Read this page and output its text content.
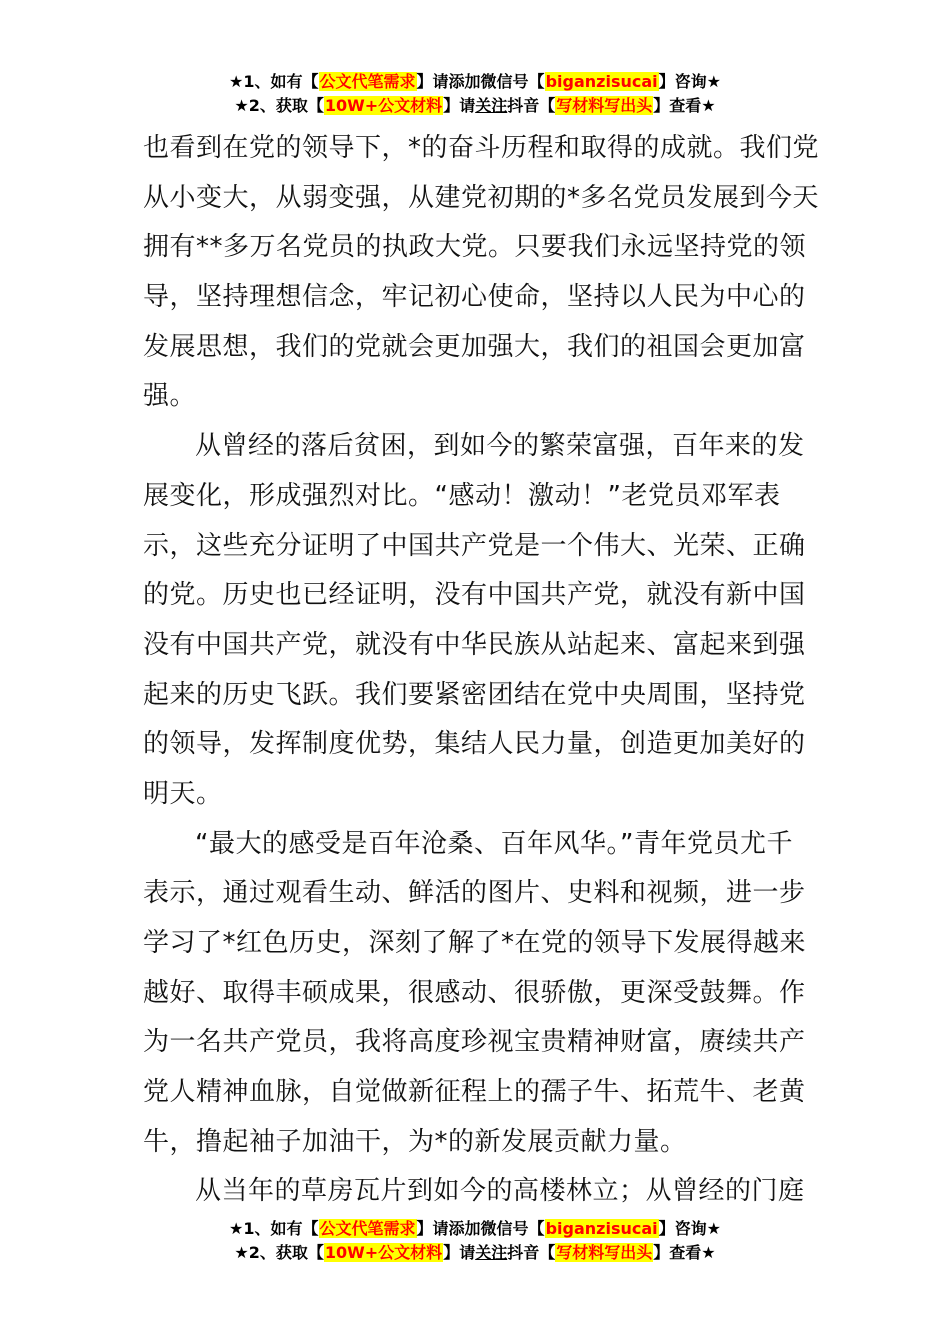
★1、如有【公文代笔需求】请添加微信号【biganzisucai】咨询★
★2、获取【10W+公文材料】请关注抖音【写材料写出头】查看★
也看到在党的领导下，*的奋斗历程和取得的成就。我们党
从小变大，从弱变强，从建党初期的*多名党员发展到今天
拥有**多万名党员的执政大党。只要我们永远坚持党的领
导，坚持理想信念，牢记初心使命，坚持以人民为中心的
发展思想，我们的党就会更加强大，我们的祖国会更加富
强。
从曾经的落后贫困，到如今的繁荣富强，百年来的发
展变化，形成强烈对比。“感动！激动！”老党员邓军表
示，这些充分证明了中国共产党是一个伟大、光荣、正确
的党。历史也已经证明，没有中国共产党，就没有新中国
没有中国共产党，就没有中华民族从站起来、富起来到强
起来的历史飞跃。我们要紧密团结在党中央周围，坚持党
的领导，发挥制度优势，集结人民力量，创造更加美好的
明天。
“最大的感受是百年沧桑、百年风华。”青年党员尤千
表示，通过观看生动、鲜活的图片、史料和视频，进一步
学习了*红色历史，深刻了解了*在党的领导下发展得越来
越好、取得丰硕成果，很感动、很骄傲，更深受鼓舞。作
为一名共产党员，我将高度珍视宝贵精神财富，赓续共产
党人精神血脉，自觉做新征程上的孺子牛、拓荒牛、老黄
牛，撸起袖子加油干，为*的新发展贡献力量。
从当年的草房瓦片到如今的高楼林立；从曾经的门庭
★1、如有【公文代笔需求】请添加微信号【biganzisucai】咨询★
★2、获取【10W+公文材料】请关注抖音【写材料写出头】查看★
